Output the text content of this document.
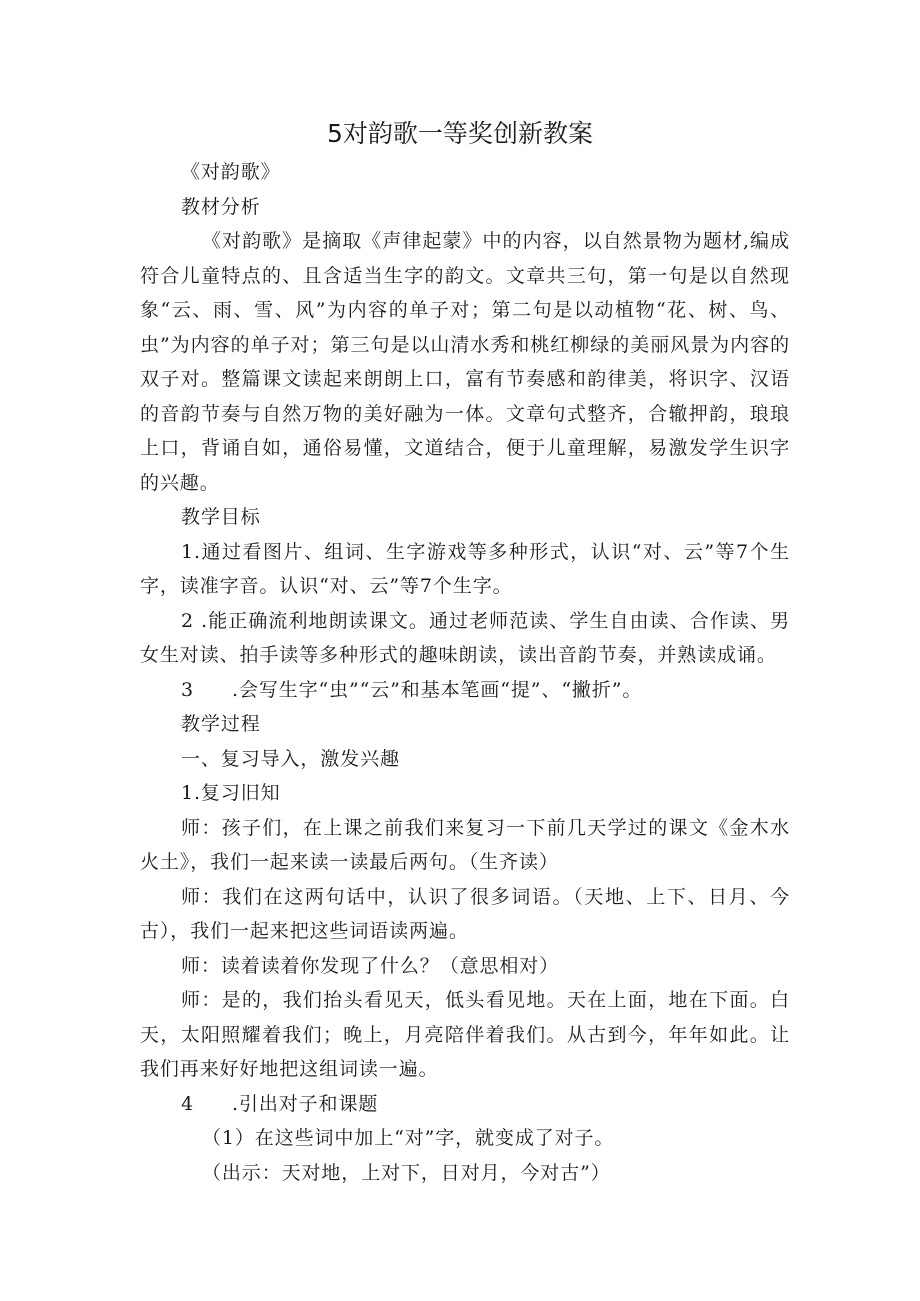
5对韵歌一等奖创新教案

《对韵歌》

教材分析

《对韵歌》是摘取《声律起蒙》中的内容，以自然景物为题材,编成符合儿童特点的、且含适当生字的韵文。文章共三句，第一句是以自然现象“云、雨、雪、风”为内容的单子对；第二句是以动植物“花、树、鸟、虫”为内容的单子对；第三句是以山清水秀和桃红柳绿的美丽风景为内容的双子对。整篇课文读起来朗朗上口，富有节奏感和韵律美，将识字、汉语的音韵节奏与自然万物的美好融为一体。文章句式整齐，合辙押韵，琅琅上口，背诵自如，通俗易懂，文道结合，便于儿童理解，易激发学生识字的兴趣。

教学目标

1.通过看图片、组词、生字游戏等多种形式，认识“对、云”等7个生字，读准字音。认识“对、云”等7个生字。

2 .能正确流利地朗读课文。通过老师范读、学生自由读、合作读、男女生对读、拍手读等多种形式的趣味朗读，读出音韵节奏，并熟读成诵。

3 .会写生字“虫”“云”和基本笔画“提”、“撇折”。

教学过程

一、复习导入，激发兴趣

1.复习旧知

师：孩子们，在上课之前我们来复习一下前几天学过的课文《金木水火土》，我们一起来读一读最后两句。（生齐读）

师：我们在这两句话中，认识了很多词语。（天地、上下、日月、今古），我们一起来把这些词语读两遍。

师：读着读着你发现了什么？（意思相对）

师：是的，我们抬头看见天，低头看见地。天在上面，地在下面。白天，太阳照耀着我们；晚上，月亮陪伴着我们。从古到今，年年如此。让我们再来好好地把这组词读一遍。

4 .引出对子和课题

（1）在这些词中加上“对”字，就变成了对子。

（出示：天对地，上对下，日对月，今对古”）
